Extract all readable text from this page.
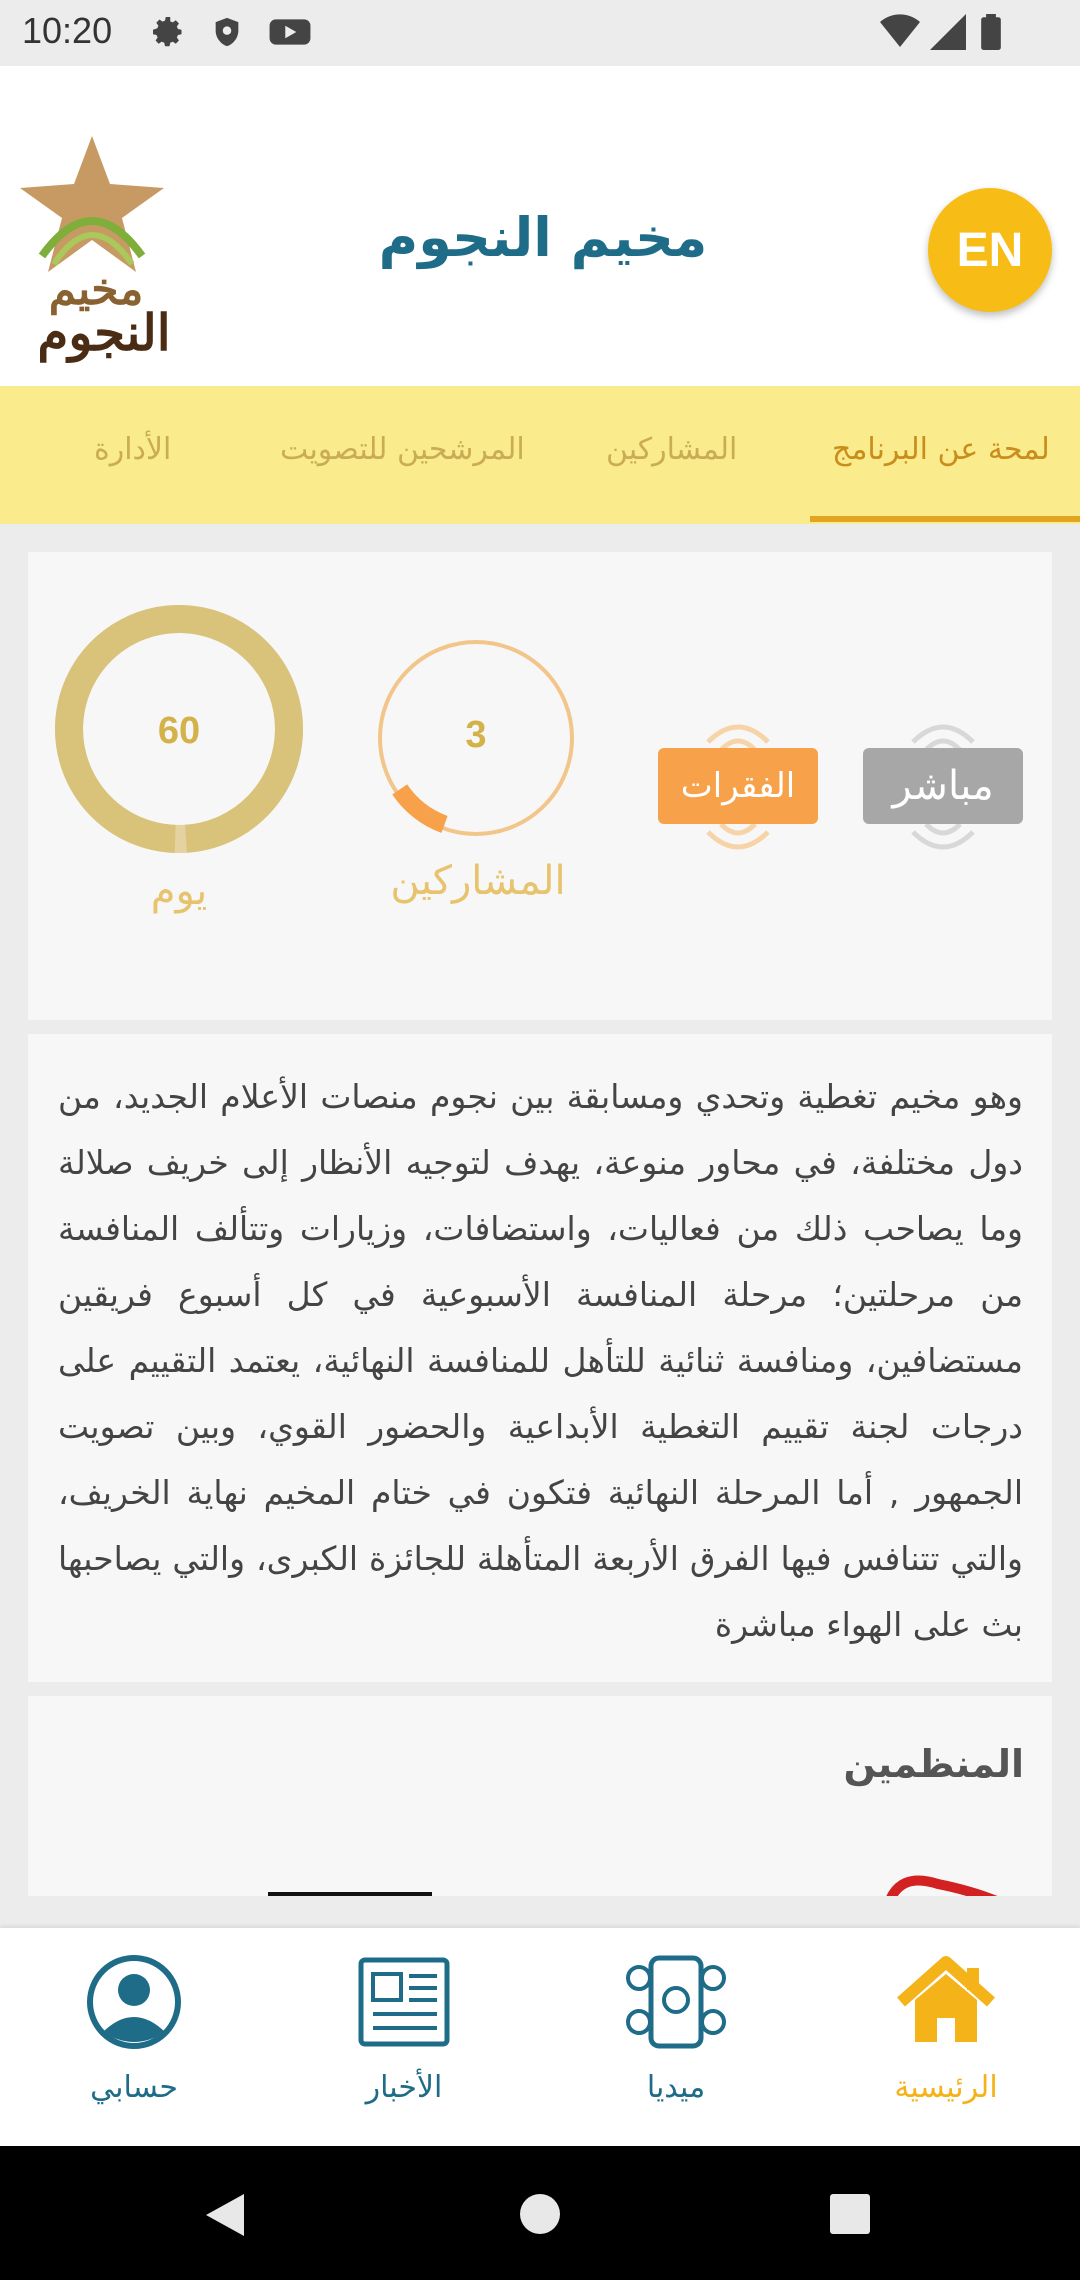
10:20
مخيم
النجوم
مخيم النجوم	EN
لمحة عن البرنامج
المشاركين
المرشحين للتصويت
الأدارة
60
يوم
3
المشاركين
الفقرات	مباشر

وهو مخيم تغطية وتحدي ومسابقة بين نجوم منصات الأعلام الجديد، من دول مختلفة، في محاور منوعة، يهدف لتوجيه الأنظار إلى خريف صلالة وما يصاحب ذلك من فعاليات، واستضافات، وزيارات وتتألف المنافسة من مرحلتين؛ مرحلة المنافسة الأسبوعية في كل أسبوع فريقين مستضافين، ومنافسة ثنائية للتأهل للمنافسة النهائية، يعتمد التقييم على درجات لجنة تقييم التغطية الأبداعية والحضور القوي، وبين تصويت الجمهور , أما المرحلة النهائية فتكون في ختام المخيم نهاية الخريف، والتي تتنافس فيها الفرق الأربعة المتأهلة للجائزة الكبرى، والتي يصاحبها بث على الهواء مباشرة

المنظمين
الرئيسية
ميديا
الأخبار
حسابي
